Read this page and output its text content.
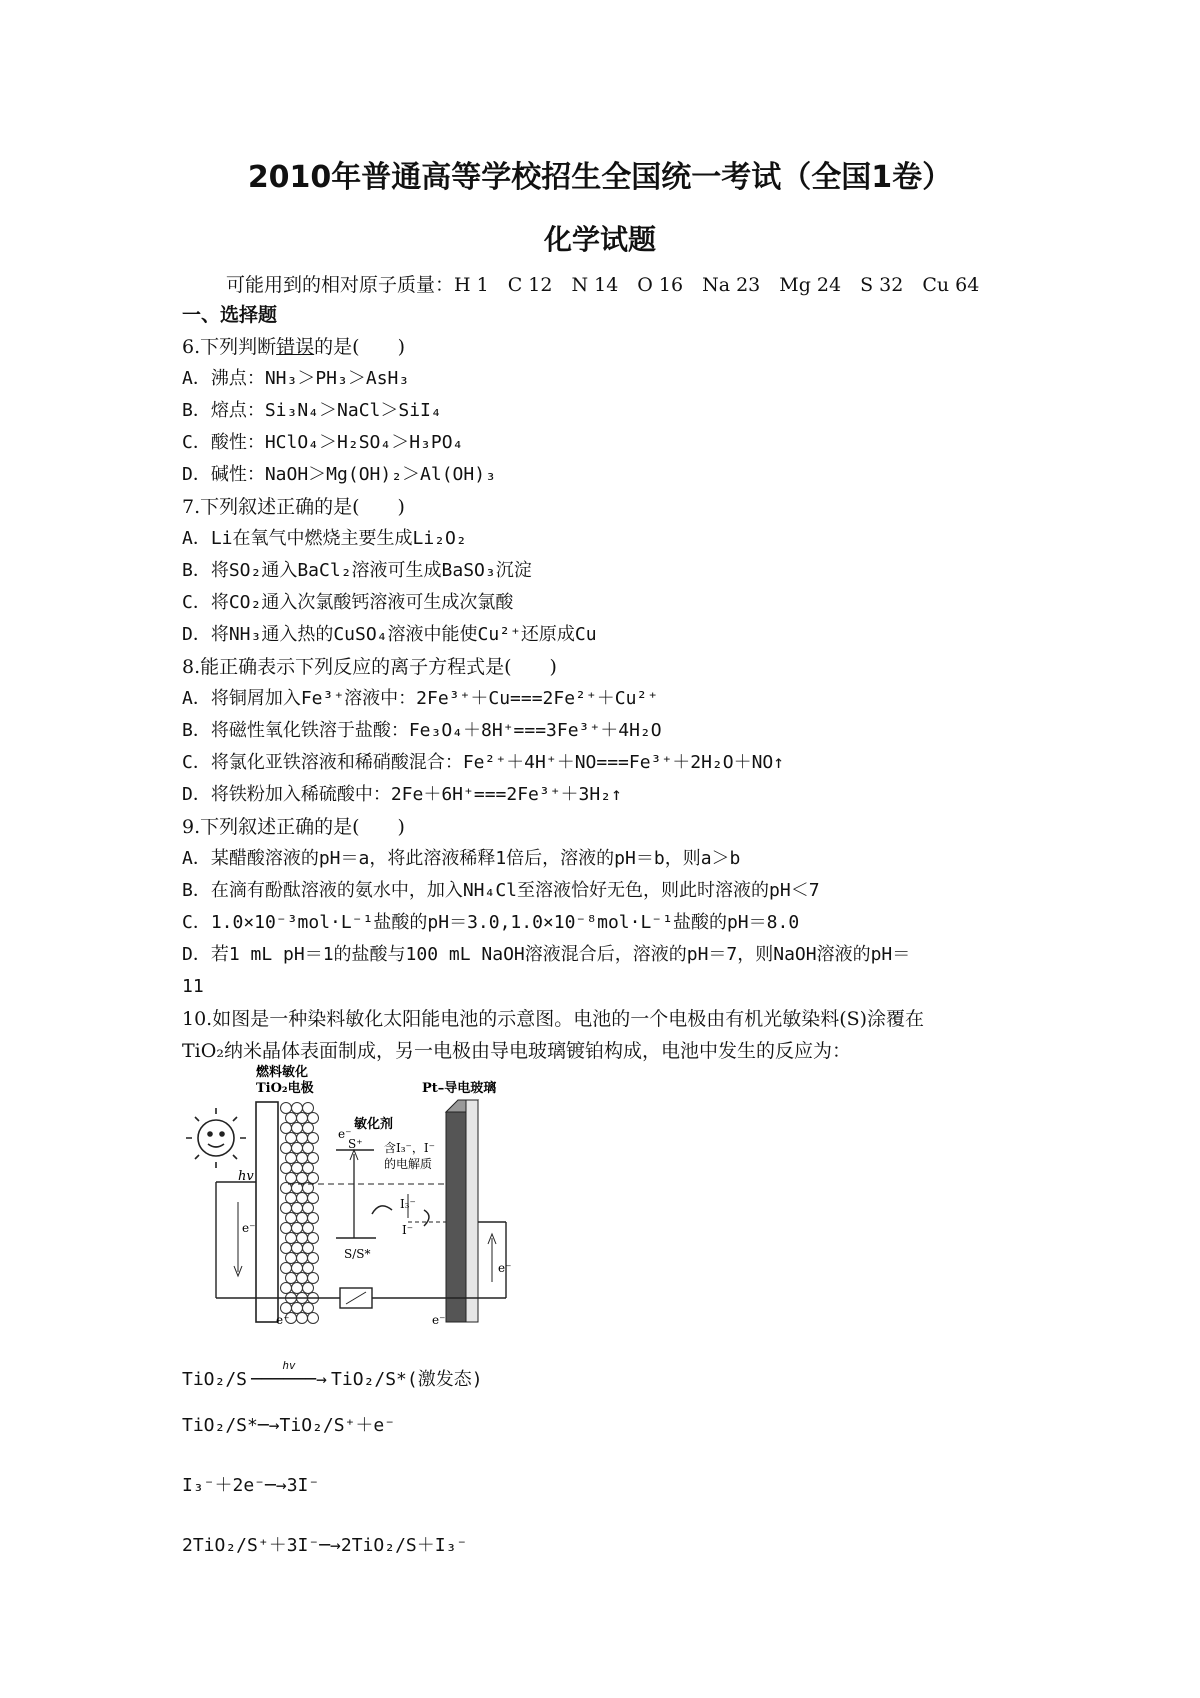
2010年普通高等学校招生全国统一考试（全国1卷）
化学试题
可能用到的相对原子质量：H 1　C 12　N 14　O 16　Na 23　Mg 24　S 32　Cu 64
一、选择题
6.下列判断错误的是(　　)
A．沸点：NH₃＞PH₃＞AsH₃
B．熔点：Si₃N₄＞NaCl＞SiI₄
C．酸性：HClO₄＞H₂SO₄＞H₃PO₄
D．碱性：NaOH＞Mg(OH)₂＞Al(OH)₃
7.下列叙述正确的是(　　)
A．Li在氧气中燃烧主要生成Li₂O₂
B．将SO₂通入BaCl₂溶液可生成BaSO₃沉淀
C．将CO₂通入次氯酸钙溶液可生成次氯酸
D．将NH₃通入热的CuSO₄溶液中能使Cu²⁺还原成Cu
8.能正确表示下列反应的离子方程式是(　　)
A．将铜屑加入Fe³⁺溶液中：2Fe³⁺＋Cu===2Fe²⁺＋Cu²⁺
B．将磁性氧化铁溶于盐酸：Fe₃O₄＋8H⁺===3Fe³⁺＋4H₂O
C．将氯化亚铁溶液和稀硝酸混合：Fe²⁺＋4H⁺＋NO===Fe³⁺＋2H₂O＋NO↑
D．将铁粉加入稀硫酸中：2Fe＋6H⁺===2Fe³⁺＋3H₂↑
9.下列叙述正确的是(　　)
A．某醋酸溶液的pH＝a，将此溶液稀释1倍后，溶液的pH＝b，则a＞b
B．在滴有酚酞溶液的氨水中，加入NH₄Cl至溶液恰好无色，则此时溶液的pH＜7
C．1.0×10⁻³mol·L⁻¹盐酸的pH＝3.0,1.0×10⁻⁸mol·L⁻¹盐酸的pH＝8.0
D．若1 mL pH＝1的盐酸与100 mL NaOH溶液混合后，溶液的pH＝7，则NaOH溶液的pH＝
11
10.如图是一种染料敏化太阳能电池的示意图。电池的一个电极由有机光敏染料(S)涂覆在
TiO₂纳米晶体表面制成，另一电极由导电玻璃镀铂构成，电池中发生的反应为：
hv
燃料敏化
TiO₂电极	Pt–导电玻璃
敏化剂
含I₃⁻，I⁻
的电解质
S⁺
S/S*
I₃⁻
I⁻
e⁻
e⁻
e⁻	e⁻
e⁻
TiO₂/S
hv
──────→ TiO₂/S*(激发态)
TiO₂/S*─→TiO₂/S⁺＋e⁻
I₃⁻＋2e⁻─→3I⁻
2TiO₂/S⁺＋3I⁻─→2TiO₂/S＋I₃⁻
